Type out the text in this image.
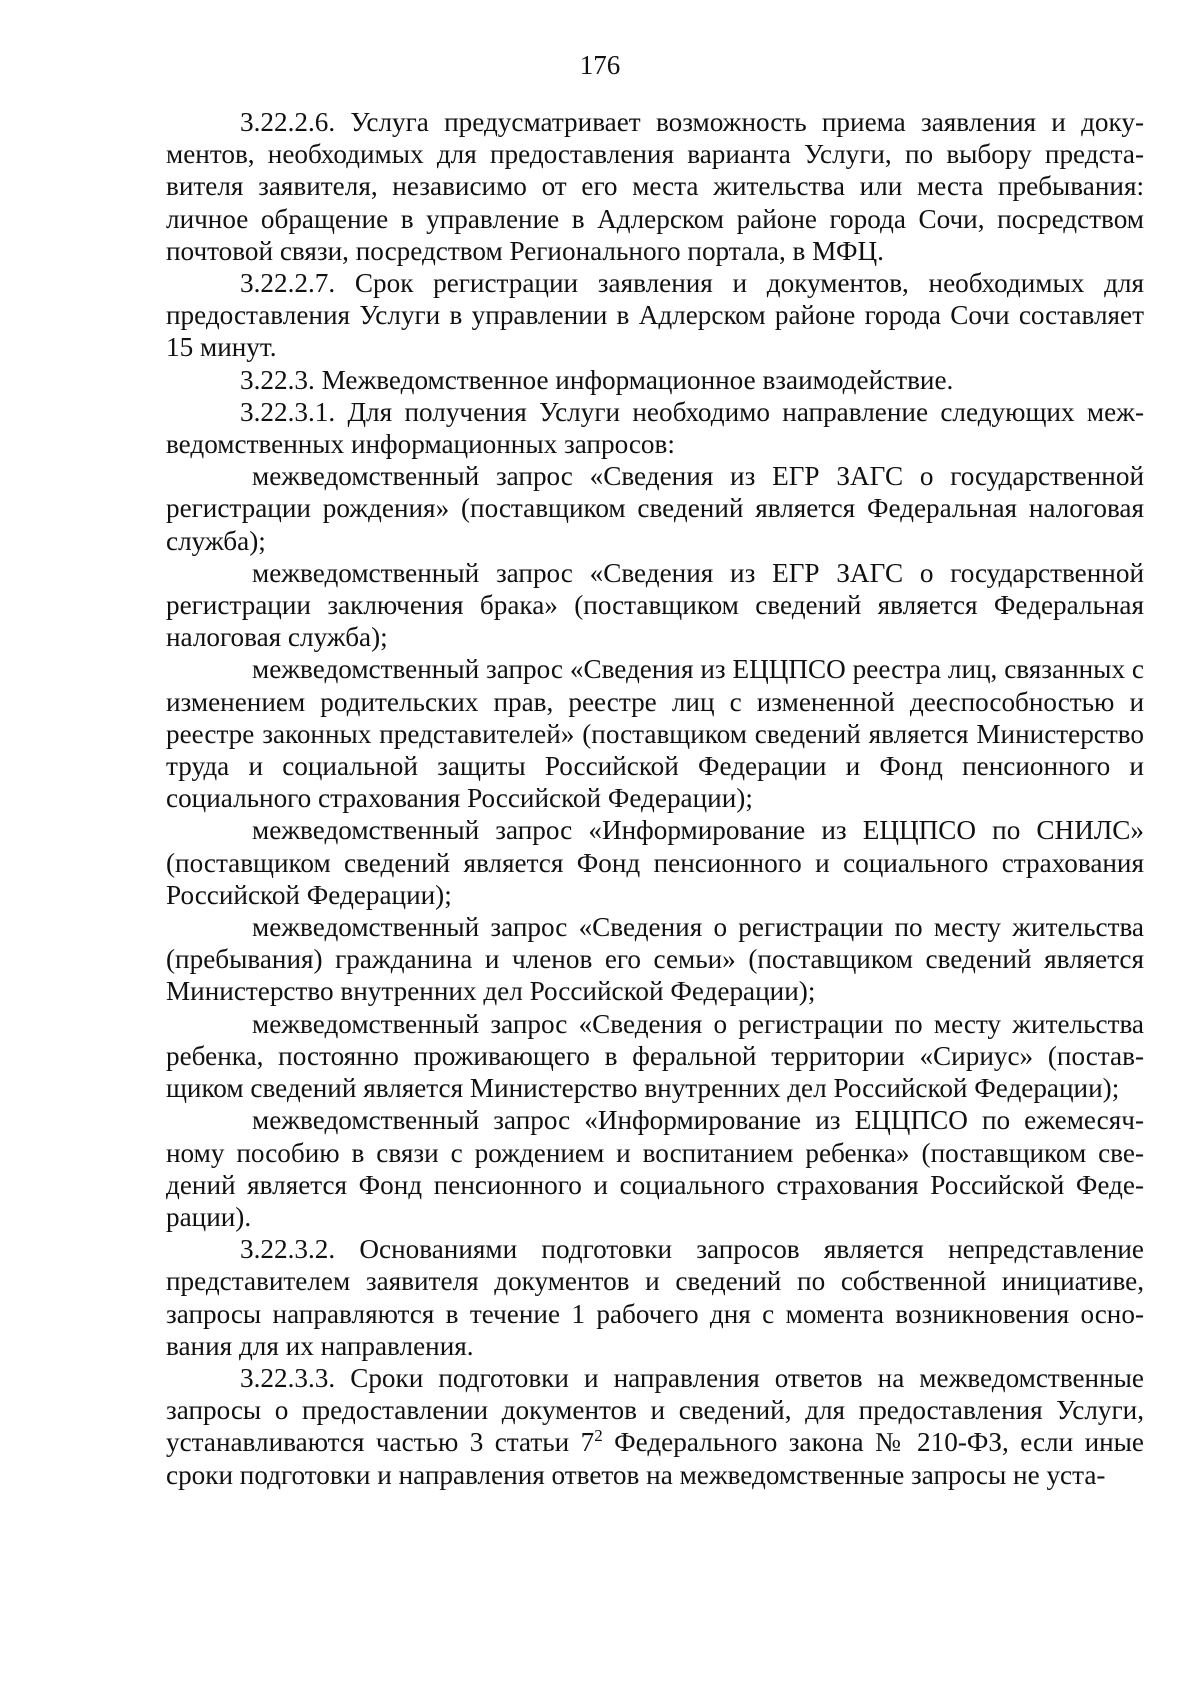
176

3.22.2.6. Услуга предусматривает возможность приема заявления и документов, необходимых для предоставления варианта Услуги, по выбору представителя заявителя, независимо от его места жительства или места пребывания: личное обращение в управление в Адлерском районе города Сочи, посредством почтовой связи, посредством Регионального портала, в МФЦ.

3.22.2.7. Срок регистрации заявления и документов, необходимых для предоставления Услуги в управлении в Адлерском районе города Сочи составляет 15 минут.

3.22.3. Межведомственное информационное взаимодействие.

3.22.3.1. Для получения Услуги необходимо направление следующих межведомственных информационных запросов:

межведомственный запрос «Сведения из ЕГР ЗАГС о государственной регистрации рождения» (поставщиком сведений является Федеральная налоговая служба);

межведомственный запрос «Сведения из ЕГР ЗАГС о государственной регистрации заключения брака» (поставщиком сведений является Федеральная налоговая служба);

межведомственный запрос «Сведения из ЕЦЦПСО реестра лиц, связанных с изменением родительских прав, реестре лиц с измененной дееспособностью и реестре законных представителей» (поставщиком сведений является Министерство труда и социальной защиты Российской Федерации и Фонд пенсионного и социального страхования Российской Федерации);

межведомственный запрос «Информирование из ЕЦЦПСО по СНИЛС» (поставщиком сведений является Фонд пенсионного и социального страхования Российской Федерации);

межведомственный запрос «Сведения о регистрации по месту жительства (пребывания) гражданина и членов его семьи» (поставщиком сведений является Министерство внутренних дел Российской Федерации);

межведомственный запрос «Сведения о регистрации по месту жительства ребенка, постоянно проживающего в феральной территории «Сириус» (поставщиком сведений является Министерство внутренних дел Российской Федерации);

межведомственный запрос «Информирование из ЕЦЦПСО по ежемесячному пособию в связи с рождением и воспитанием ребенка» (поставщиком сведений является Фонд пенсионного и социального страхования Российской Федерации).

3.22.3.2. Основаниями подготовки запросов является непредставление представителем заявителя документов и сведений по собственной инициативе, запросы направляются в течение 1 рабочего дня с момента возникновения основания для их направления.

3.22.3.3. Сроки подготовки и направления ответов на межведомственные запросы о предоставлении документов и сведений, для предоставления Услуги, устанавливаются частью 3 статьи $7^2$ Федерального закона № 210-ФЗ, если иные сроки подготовки и направления ответов на межведомственные запросы не уста-
